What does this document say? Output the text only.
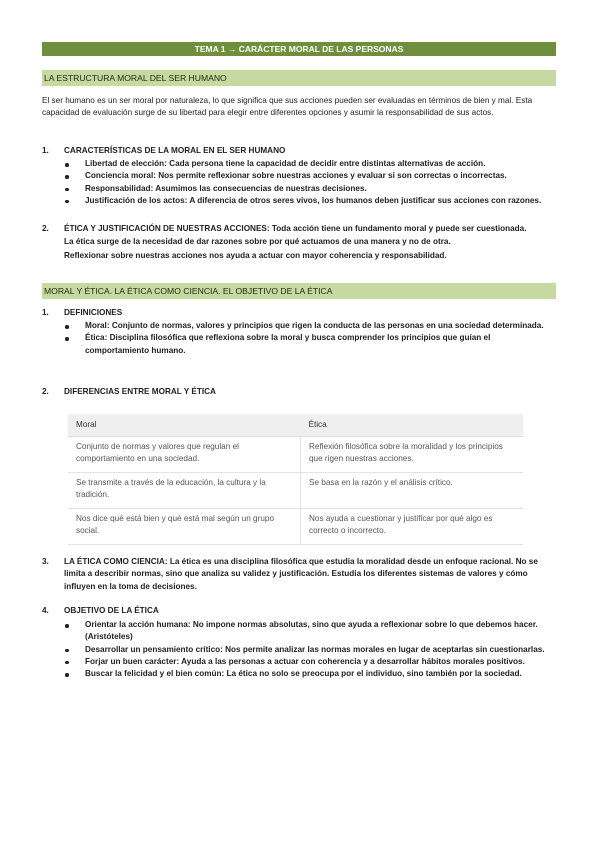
TEMA 1 → CARÁCTER MORAL DE LAS PERSONAS
LA ESTRUCTURA MORAL DEL SER HUMANO

El ser humano es un ser moral por naturaleza, lo que significa que sus acciones pueden ser evaluadas en términos de bien y mal. Esta capacidad de evaluación surge de su libertad para elegir entre diferentes opciones y asumir la responsabilidad de sus actos.

1. CARACTERÍSTICAS DE LA MORAL EN EL SER HUMANO
Libertad de elección: Cada persona tiene la capacidad de decidir entre distintas alternativas de acción.
Conciencia moral: Nos permite reflexionar sobre nuestras acciones y evaluar si son correctas o incorrectas.
Responsabilidad: Asumimos las consecuencias de nuestras decisiones.
Justificación de los actos: A diferencia de otros seres vivos, los humanos deben justificar sus acciones con razones.
2. ÉTICA Y JUSTIFICACIÓN DE NUESTRAS ACCIONES: Toda acción tiene un fundamento moral y puede ser cuestionada.
La ética surge de la necesidad de dar razones sobre por qué actuamos de una manera y no de otra.
Reflexionar sobre nuestras acciones nos ayuda a actuar con mayor coherencia y responsabilidad.
MORAL Y ÉTICA. LA ÉTICA COMO CIENCIA. EL OBJETIVO DE LA ÉTICA
1. DEFINICIONES
Moral: Conjunto de normas, valores y principios que rigen la conducta de las personas en una sociedad determinada.
Ética: Disciplina filosófica que reflexiona sobre la moral y busca comprender los principios que guían el comportamiento humano.
2. DIFERENCIAS ENTRE MORAL Y ÉTICA
Moral	Ética
Conjunto de normas y valores que regulan el comportamiento en una sociedad.	Reflexión filosófica sobre la moralidad y los principios que rigen nuestras acciones.
Se transmite a través de la educación, la cultura y la tradición.	Se basa en la razón y el análisis crítico.
Nos dice qué está bien y qué está mal según un grupo social.	Nos ayuda a cuestionar y justificar por qué algo es correcto o incorrecto.
3.	LA ÉTICA COMO CIENCIA: La ética es una disciplina filosófica que estudia la moralidad desde un enfoque racional. No se limita a describir normas, sino que analiza su validez y justificación. Estudia los diferentes sistemas de valores y cómo influyen en la toma de decisiones.
4. OBJETIVO DE LA ÉTICA
Orientar la acción humana: No impone normas absolutas, sino que ayuda a reflexionar sobre lo que debemos hacer. (Aristóteles)
Desarrollar un pensamiento crítico: Nos permite analizar las normas morales en lugar de aceptarlas sin cuestionarlas.
Forjar un buen carácter: Ayuda a las personas a actuar con coherencia y a desarrollar hábitos morales positivos.
Buscar la felicidad y el bien común: La ética no solo se preocupa por el individuo, sino también por la sociedad.
